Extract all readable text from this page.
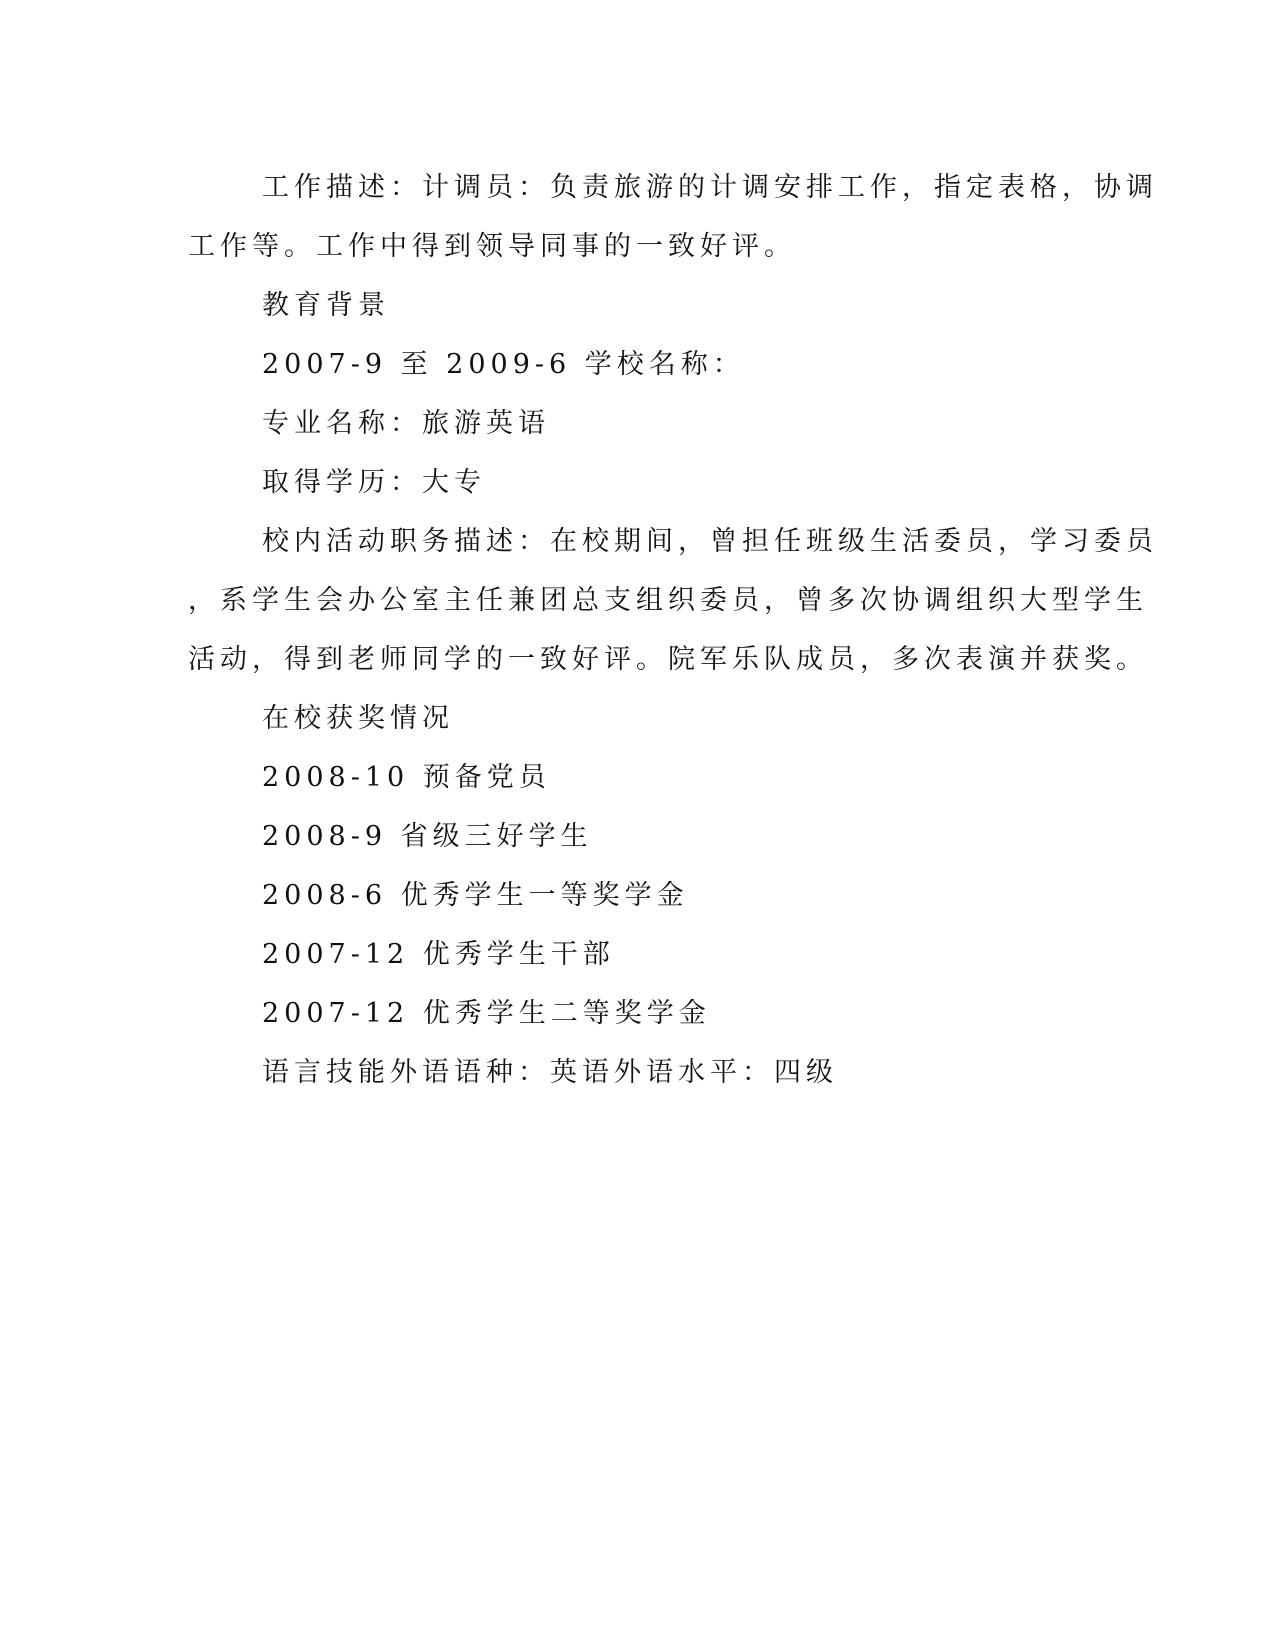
工作描述：计调员：负责旅游的计调安排工作，指定表格，协调
工作等。工作中得到领导同事的一致好评。
教育背景
2007-9 至 2009-6 学校名称：
专业名称：旅游英语
取得学历：大专
校内活动职务描述：在校期间，曾担任班级生活委员，学习委员
，系学生会办公室主任兼团总支组织委员，曾多次协调组织大型学生
活动，得到老师同学的一致好评。院军乐队成员，多次表演并获奖。
在校获奖情况
2008-10 预备党员
2008-9 省级三好学生
2008-6 优秀学生一等奖学金
2007-12 优秀学生干部
2007-12 优秀学生二等奖学金
语言技能外语语种：英语外语水平：四级
